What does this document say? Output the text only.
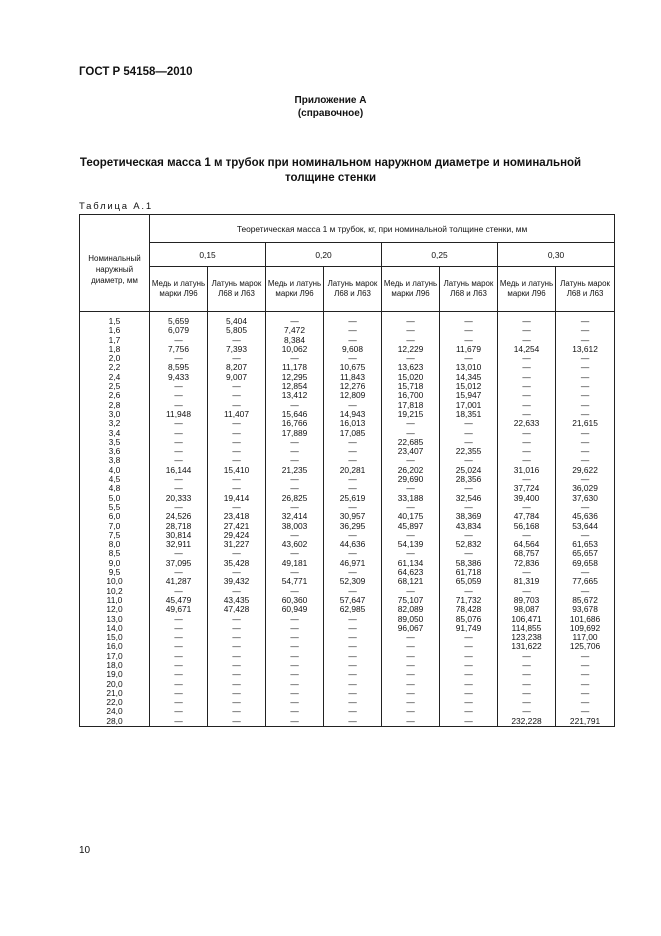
ГОСТ Р 54158—2010
Приложение А
(справочное)
Теоретическая масса 1 м трубок при номинальном наружном диаметре и номинальной
толщине стенки
Таблица А.1
Номинальный наружный диаметр, мм	Теоретическая масса 1 м трубок, кг, при номинальной толщине стенки, мм							
	0,15		0,20		0,25		0,30	
	Медь и латунь марки Л96	Латунь марок Л68 и Л63	Медь и латунь марки Л96	Латунь марок Л68 и Л63	Медь и латунь марки Л96	Латунь марок Л68 и Л63	Медь и латунь марки Л96	Латунь марок Л68 и Л63
1,5	5,659	5,404	—	—	—	—	—	—
1,6	6,079	5,805	7,472	—	—	—	—	—
1,7	—	—	8,384	—	—	—	—	—
1,8	7,756	7,393	10,062	9,608	12,229	11,679	14,254	13,612
2,0	—	—	—	—	—	—	—	—
2,2	8,595	8,207	11,178	10,675	13,623	13,010	—	—
2,4	9,433	9,007	12,295	11,843	15,020	14,345	—	—
2,5	—	—	12,854	12,276	15,718	15,012	—	—
2,6	—	—	13,412	12,809	16,700	15,947	—	—
2,8	—	—	—	—	17,818	17,001	—	—
3,0	11,948	11,407	15,646	14,943	19,215	18,351	—	—
3,2	—	—	16,766	16,013	—	—	22,633	21,615
3,4	—	—	17,889	17,085	—	—	—	—
3,5	—	—	—	—	22,685	—	—	—
3,6	—	—	—	—	23,407	22,355	—	—
3,8	—	—	—	—	—	—	—	—
4,0	16,144	15,410	21,235	20,281	26,202	25,024	31,016	29,622
4,5	—	—	—	—	29,690	28,356	—	—
4,8	—	—	—	—	—	—	37,724	36,029
5,0	20,333	19,414	26,825	25,619	33,188	32,546	39,400	37,630
5,5	—	—	—	—	—	—	—	—
6,0	24,526	23,418	32,414	30,957	40,175	38,369	47,784	45,636
7,0	28,718	27,421	38,003	36,295	45,897	43,834	56,168	53,644
7,5	30,814	29,424	—	—	—	—	—	—
8,0	32,911	31,227	43,602	44,636	54,139	52,832	64,564	61,653
8,5	—	—	—	—	—	—	68,757	65,657
9,0	37,095	35,428	49,181	46,971	61,134	58,386	72,836	69,658
9,5	—	—	—	—	64,623	61,718	—	—
10,0	41,287	39,432	54,771	52,309	68,121	65,059	81,319	77,665
10,2	—	—	—	—	—	—	—	—
11,0	45,479	43,435	60,360	57,647	75,107	71,732	89,703	85,672
12,0	49,671	47,428	60,949	62,985	82,089	78,428	98,087	93,678
13,0	—	—	—	—	89,050	85,076	106,471	101,686
14,0	—	—	—	—	96,067	91,749	114,855	109,692
15,0	—	—	—	—	—	—	123,238	117,00
16,0	—	—	—	—	—	—	131,622	125,706
17,0	—	—	—	—	—	—	—	—
18,0	—	—	—	—	—	—	—	—
19,0	—	—	—	—	—	—	—	—
20,0	—	—	—	—	—	—	—	—
21,0	—	—	—	—	—	—	—	—
22,0	—	—	—	—	—	—	—	—
24,0	—	—	—	—	—	—	—	—
28,0	—	—	—	—	—	—	232,228	221,791
10
